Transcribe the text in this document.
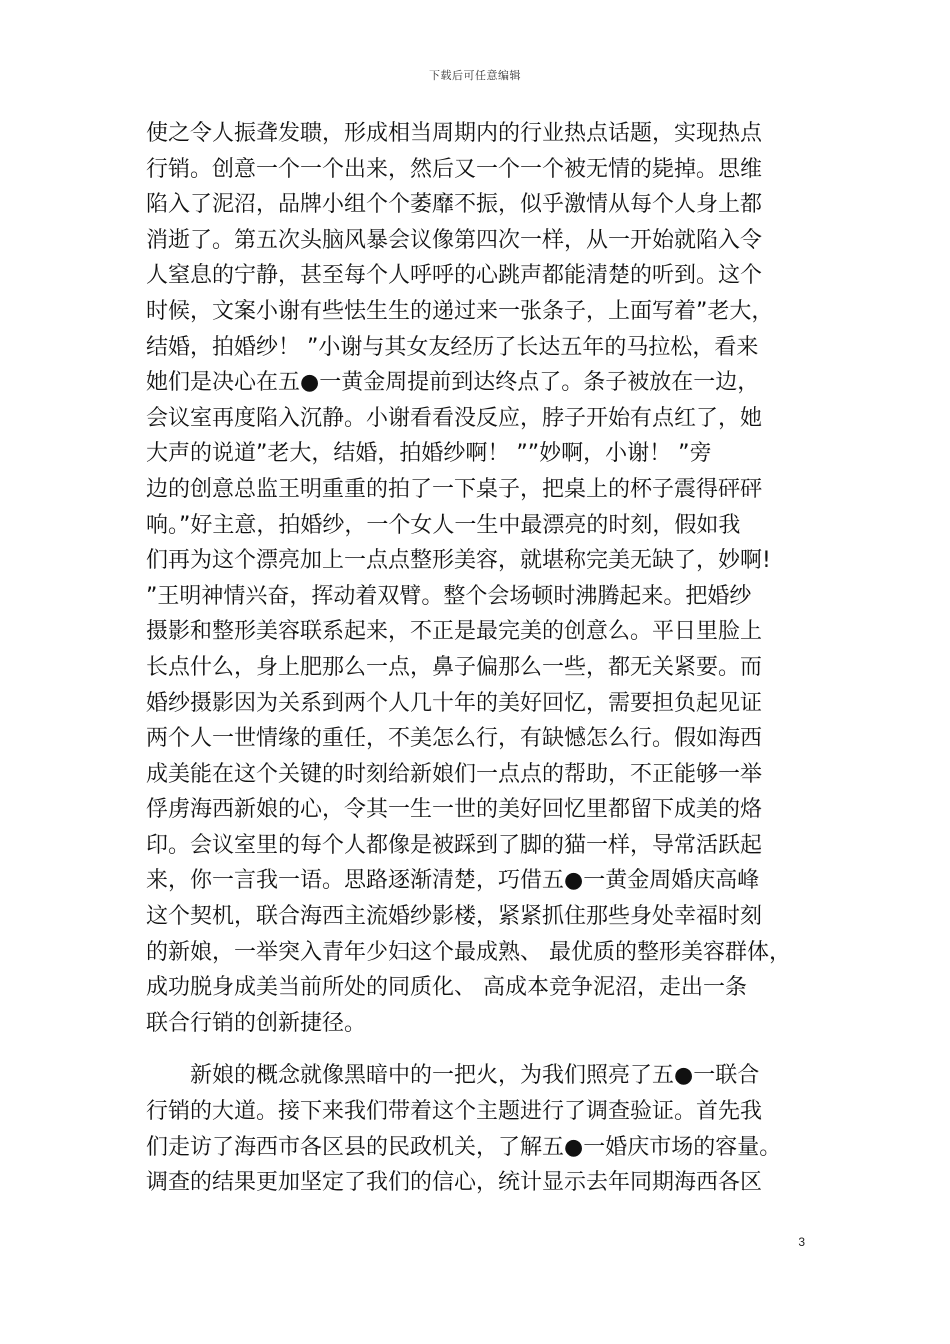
下载后可任意编辑
使之令人振聋发聩，形成相当周期内的行业热点话题，实现热点
行销。创意一个一个出来，然后又一个一个被无情的毙掉。思维
陷入了泥沼，品牌小组个个萎靡不振，似乎激情从每个人身上都
消逝了。第五次头脑风暴会议像第四次一样，从一开始就陷入令
人窒息的宁静，甚至每个人呼呼的心跳声都能清楚的听到。这个
时候，文案小谢有些怯生生的递过来一张条子，上面写着”老大，
结婚，拍婚纱！ ”小谢与其女友经历了长达五年的马拉松，看来
她们是决心在五●一黄金周提前到达终点了。条子被放在一边，
会议室再度陷入沉静。小谢看看没反应，脖子开始有点红了，她
大声的说道”老大，结婚，拍婚纱啊！ ””妙啊，小谢！ ”旁
边的创意总监王明重重的拍了一下桌子，把桌上的杯子震得砰砰
响。”好主意，拍婚纱，一个女人一生中最漂亮的时刻，假如我
们再为这个漂亮加上一点点整形美容，就堪称完美无缺了，妙啊!
”王明神情兴奋，挥动着双臂。整个会场顿时沸腾起来。把婚纱
摄影和整形美容联系起来，不正是最完美的创意么。平日里脸上
长点什么，身上肥那么一点，鼻子偏那么一些，都无关紧要。而
婚纱摄影因为关系到两个人几十年的美好回忆，需要担负起见证
两个人一世情缘的重任，不美怎么行，有缺憾怎么行。假如海西
成美能在这个关键的时刻给新娘们一点点的帮助，不正能够一举
俘虏海西新娘的心，令其一生一世的美好回忆里都留下成美的烙
印。会议室里的每个人都像是被踩到了脚的猫一样，导常活跃起
来，你一言我一语。思路逐渐清楚，巧借五●一黄金周婚庆高峰
这个契机，联合海西主流婚纱影楼，紧紧抓住那些身处幸福时刻
的新娘，一举突入青年少妇这个最成熟、 最优质的整形美容群体，
成功脱身成美当前所处的同质化、 高成本竞争泥沼，走出一条
联合行销的创新捷径。
新娘的概念就像黑暗中的一把火，为我们照亮了五●一联合
行销的大道。接下来我们带着这个主题进行了调查验证。首先我
们走访了海西市各区县的民政机关，了解五●一婚庆市场的容量。
调查的结果更加坚定了我们的信心，统计显示去年同期海西各区
3
